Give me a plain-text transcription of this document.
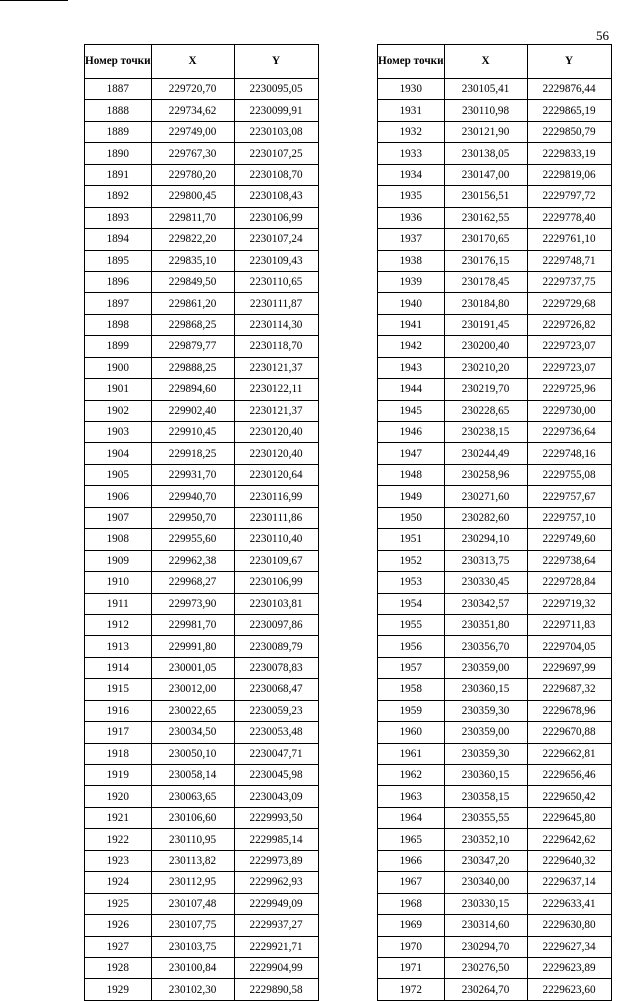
56
Номер точки	X	Y
1887	229720,70	2230095,05
1888	229734,62	2230099,91
1889	229749,00	2230103,08
1890	229767,30	2230107,25
1891	229780,20	2230108,70
1892	229800,45	2230108,43
1893	229811,70	2230106,99
1894	229822,20	2230107,24
1895	229835,10	2230109,43
1896	229849,50	2230110,65
1897	229861,20	2230111,87
1898	229868,25	2230114,30
1899	229879,77	2230118,70
1900	229888,25	2230121,37
1901	229894,60	2230122,11
1902	229902,40	2230121,37
1903	229910,45	2230120,40
1904	229918,25	2230120,40
1905	229931,70	2230120,64
1906	229940,70	2230116,99
1907	229950,70	2230111,86
1908	229955,60	2230110,40
1909	229962,38	2230109,67
1910	229968,27	2230106,99
1911	229973,90	2230103,81
1912	229981,70	2230097,86
1913	229991,80	2230089,79
1914	230001,05	2230078,83
1915	230012,00	2230068,47
1916	230022,65	2230059,23
1917	230034,50	2230053,48
1918	230050,10	2230047,71
1919	230058,14	2230045,98
1920	230063,65	2230043,09
1921	230106,60	2229993,50
1922	230110,95	2229985,14
1923	230113,82	2229973,89
1924	230112,95	2229962,93
1925	230107,48	2229949,09
1926	230107,75	2229937,27
1927	230103,75	2229921,71
1928	230100,84	2229904,99
1929	230102,30	2229890,58
Номер точки	X	Y
1930	230105,41	2229876,44
1931	230110,98	2229865,19
1932	230121,90	2229850,79
1933	230138,05	2229833,19
1934	230147,00	2229819,06
1935	230156,51	2229797,72
1936	230162,55	2229778,40
1937	230170,65	2229761,10
1938	230176,15	2229748,71
1939	230178,45	2229737,75
1940	230184,80	2229729,68
1941	230191,45	2229726,82
1942	230200,40	2229723,07
1943	230210,20	2229723,07
1944	230219,70	2229725,96
1945	230228,65	2229730,00
1946	230238,15	2229736,64
1947	230244,49	2229748,16
1948	230258,96	2229755,08
1949	230271,60	2229757,67
1950	230282,60	2229757,10
1951	230294,10	2229749,60
1952	230313,75	2229738,64
1953	230330,45	2229728,84
1954	230342,57	2229719,32
1955	230351,80	2229711,83
1956	230356,70	2229704,05
1957	230359,00	2229697,99
1958	230360,15	2229687,32
1959	230359,30	2229678,96
1960	230359,00	2229670,88
1961	230359,30	2229662,81
1962	230360,15	2229656,46
1963	230358,15	2229650,42
1964	230355,55	2229645,80
1965	230352,10	2229642,62
1966	230347,20	2229640,32
1967	230340,00	2229637,14
1968	230330,15	2229633,41
1969	230314,60	2229630,80
1970	230294,70	2229627,34
1971	230276,50	2229623,89
1972	230264,70	2229623,60
